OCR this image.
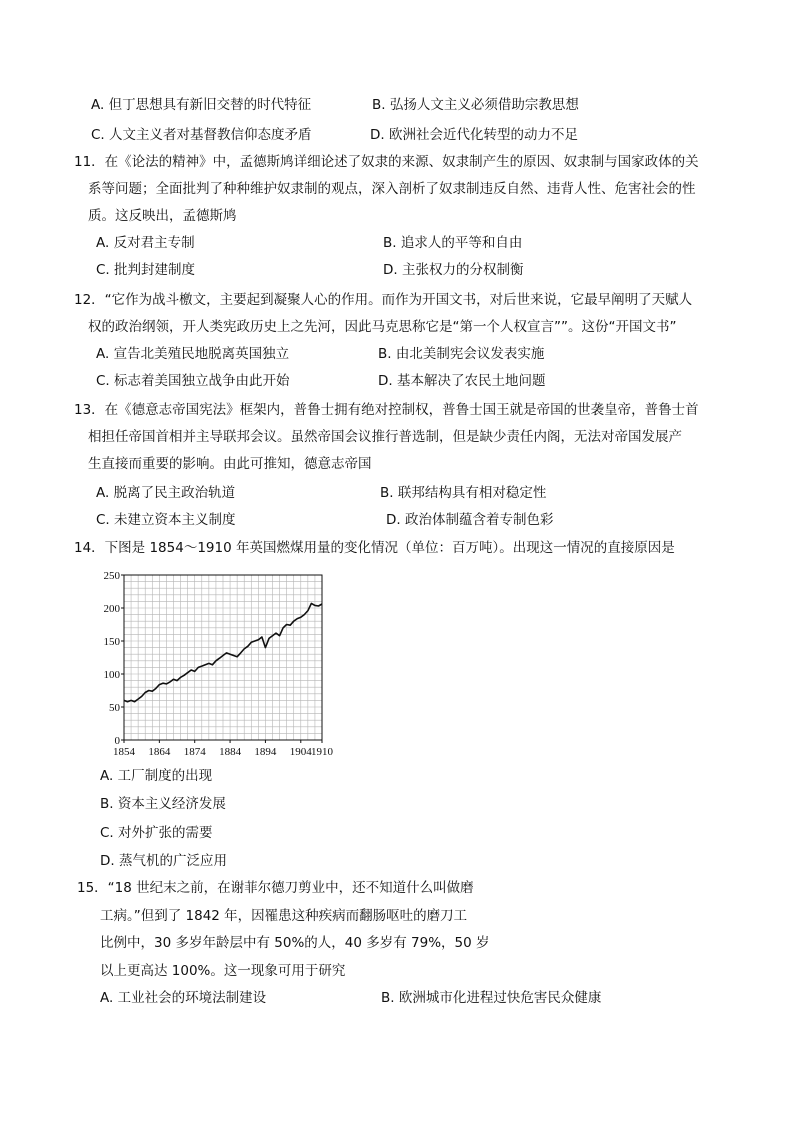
A. 但丁思想具有新旧交替的时代特征	B. 弘扬人文主义必须借助宗教思想
C. 人文主义者对基督教信仰态度矛盾	D. 欧洲社会近代化转型的动力不足
11．在《论法的精神》中，孟德斯鸠详细论述了奴隶的来源、奴隶制产生的原因、奴隶制与国家政体的关
系等问题；全面批判了种种维护奴隶制的观点，深入剖析了奴隶制违反自然、违背人性、危害社会的性
质。这反映出，孟德斯鸠
A. 反对君主专制	B. 追求人的平等和自由
C. 批判封建制度	D. 主张权力的分权制衡
12．“它作为战斗檄文，主要起到凝聚人心的作用。而作为开国文书，对后世来说，它最早阐明了天赋人
权的政治纲领，开人类宪政历史上之先河，因此马克思称它是“第一个人权宣言””。这份“开国文书”
A. 宣告北美殖民地脱离英国独立	B. 由北美制宪会议发表实施
C. 标志着美国独立战争由此开始	D. 基本解决了农民土地问题
13．在《德意志帝国宪法》框架内，普鲁士拥有绝对控制权，普鲁士国王就是帝国的世袭皇帝，普鲁士首
相担任帝国首相并主导联邦会议。虽然帝国会议推行普选制，但是缺少责任内阁，无法对帝国发展产
生直接而重要的影响。由此可推知，德意志帝国
A. 脱离了民主政治轨道	B. 联邦结构具有相对稳定性
C. 未建立资本主义制度	D. 政治体制蕴含着专制色彩
14．下图是 1854～1910 年英国燃煤用量的变化情况（单位：百万吨）。出现这一情况的直接原因是
0
50
100
150
200
250
1854 1864 1874 1884 1894 1904 1910
A. 工厂制度的出现
B. 资本主义经济发展
C. 对外扩张的需要
D. 蒸气机的广泛应用
15．“18 世纪末之前，在谢菲尔德刀剪业中，还不知道什么叫做磨
工病。”但到了 1842 年，因罹患这种疾病而翻肠呕吐的磨刀工
比例中，30 多岁年龄层中有 50%的人，40 多岁有 79%，50 岁
以上更高达 100%。这一现象可用于研究
A. 工业社会的环境法制建设	B. 欧洲城市化进程过快危害民众健康
